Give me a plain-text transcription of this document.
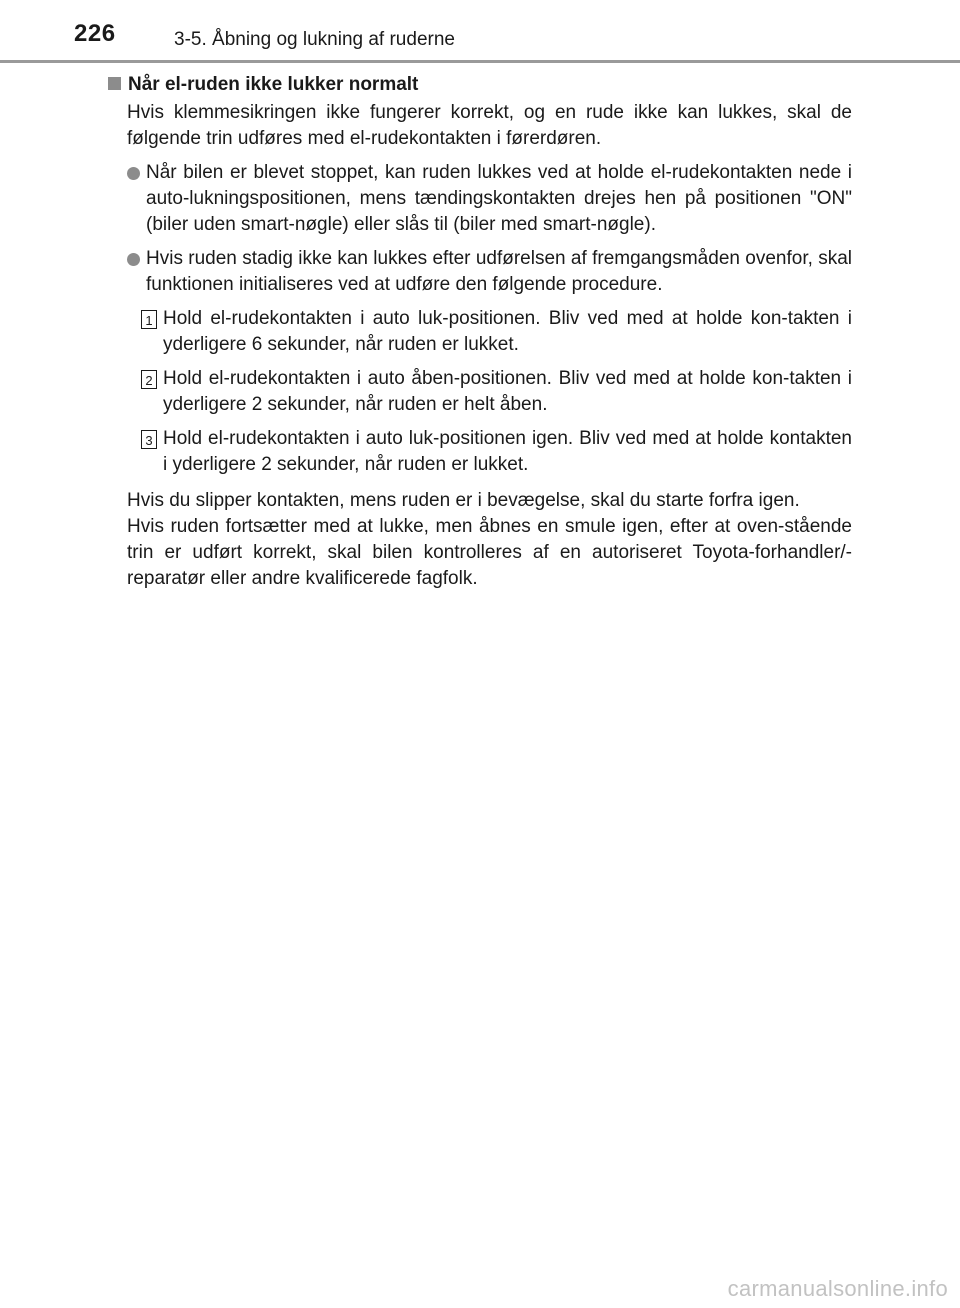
226	3-5. Åbning og lukning af ruderne
Når el-ruden ikke lukker normalt
Hvis klemmesikringen ikke fungerer korrekt, og en rude ikke kan lukkes, skal de følgende trin udføres med el-rudekontakten i førerdøren.
Når bilen er blevet stoppet, kan ruden lukkes ved at holde el-rudekontakten nede i auto-lukningspositionen, mens tændingskontakten drejes hen på positionen "ON" (biler uden smart-nøgle) eller slås til (biler med smart-nøgle).
Hvis ruden stadig ikke kan lukkes efter udførelsen af fremgangsmåden ovenfor, skal funktionen initialiseres ved at udføre den følgende procedure.
1 Hold el-rudekontakten i auto luk-positionen. Bliv ved med at holde kon-takten i yderligere 6 sekunder, når ruden er lukket.
2 Hold el-rudekontakten i auto åben-positionen. Bliv ved med at holde kon-takten i yderligere 2 sekunder, når ruden er helt åben.
3 Hold el-rudekontakten i auto luk-positionen igen. Bliv ved med at holde kontakten i yderligere 2 sekunder, når ruden er lukket.
Hvis du slipper kontakten, mens ruden er i bevægelse, skal du starte forfra igen.
Hvis ruden fortsætter med at lukke, men åbnes en smule igen, efter at oven-stående trin er udført korrekt, skal bilen kontrolleres af en autoriseret Toyota-forhandler/-reparatør eller andre kvalificerede fagfolk.
carmanualsonline.info
